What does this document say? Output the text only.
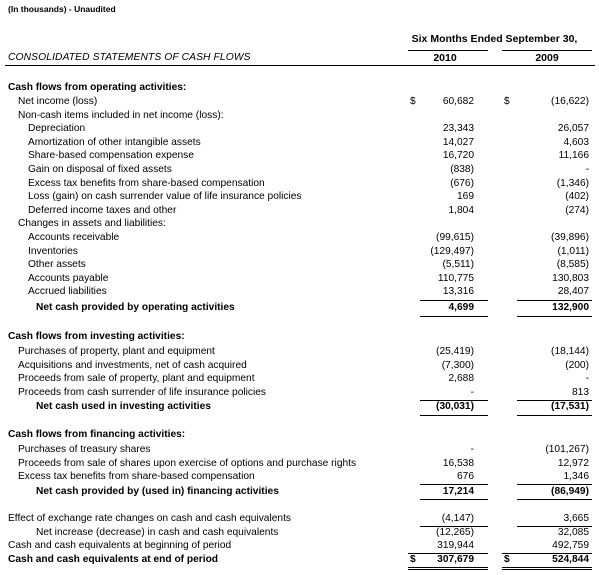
(In thousands) - Unaudited
Six Months Ended September 30,
CONSOLIDATED STATEMENTS OF CASH FLOWS	2010	2009
Cash flows from operating activities:
Net income (loss)	$	60,682	$	(16,622)
Non-cash items included in net income (loss):
Depreciation	23,343	26,057
Amortization of other intangible assets	14,027	4,603
Share-based compensation expense	16,720	11,166
Gain on disposal of fixed assets	(838)	-
Excess tax benefits from share-based compensation	(676)	(1,346)
Loss (gain) on cash surrender value of life insurance policies	169	(402)
Deferred income taxes and other	1,804	(274)
Changes in assets and liabilities:
Accounts receivable	(99,615)	(39,896)
Inventories	(129,497)	(1,011)
Other assets	(5,511)	(8,585)
Accounts payable	110,775	130,803
Accrued liabilities	13,316	28,407
Net cash provided by operating activities	4,699	132,900
Cash flows from investing activities:
Purchases of property, plant and equipment	(25,419)	(18,144)
Acquisitions and investments, net of cash acquired	(7,300)	(200)
Proceeds from sale of property, plant and equipment	2,688	-
Proceeds from cash surrender of life insurance policies	-	813
Net cash used in investing activities	(30,031)	(17,531)
Cash flows from financing activities:
Purchases of treasury shares	-	(101,267)
Proceeds from sale of shares upon exercise of options and purchase rights	16,538	12,972
Excess tax benefits from share-based compensation	676	1,346
Net cash provided by (used in) financing activities	17,214	(86,949)
Effect of exchange rate changes on cash and cash equivalents	(4,147)	3,665
Net increase (decrease) in cash and cash equivalents	(12,265)	32,085
Cash and cash equivalents at beginning of period	319,944	492,759
Cash and cash equivalents at end of period	$ 307,679	$	524,844
